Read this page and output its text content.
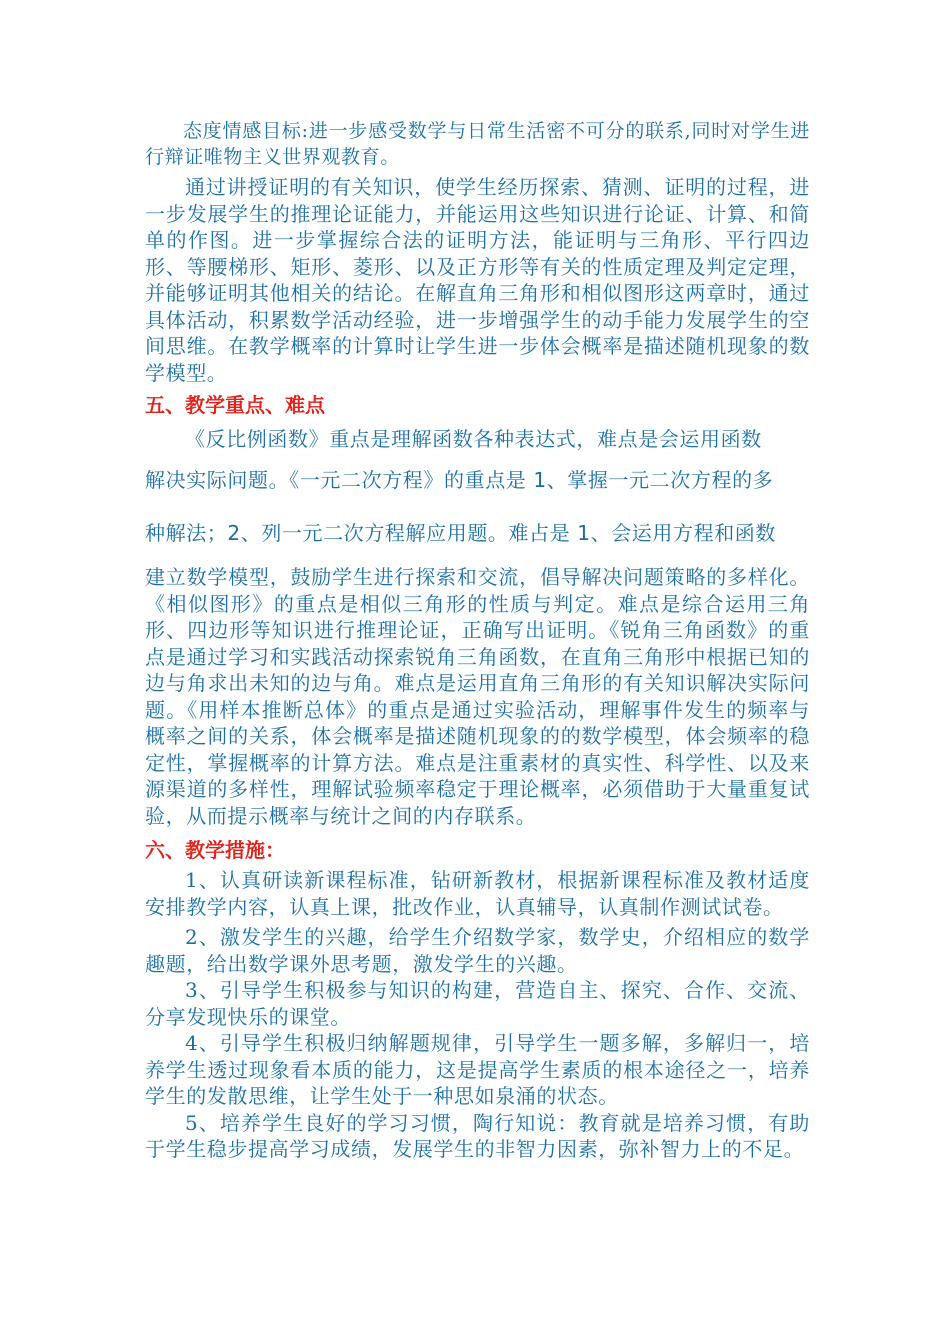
态度情感目标:进一步感受数学与日常生活密不可分的联系,同时对学生进行辩证唯物主义世界观教育。

通过讲授证明的有关知识，使学生经历探索、猜测、证明的过程，进一步发展学生的推理论证能力，并能运用这些知识进行论证、计算、和简单的作图。进一步掌握综合法的证明方法，能证明与三角形、平行四边形、等腰梯形、矩形、菱形、以及正方形等有关的性质定理及判定定理，并能够证明其他相关的结论。在解直角三角形和相似图形这两章时，通过具体活动，积累数学活动经验，进一步增强学生的动手能力发展学生的空间思维。在教学概率的计算时让学生进一步体会概率是描述随机现象的数学模型。

五、教学重点、难点

《反比例函数》重点是理解函数各种表达式，难点是会运用函数

解决实际问题。《一元二次方程》的重点是 1、掌握一元二次方程的多

种解法；2、列一元二次方程解应用题。难占是 1、会运用方程和函数

建立数学模型，鼓励学生进行探索和交流，倡导解决问题策略的多样化。《相似图形》的重点是相似三角形的性质与判定。难点是综合运用三角形、四边形等知识进行推理论证，正确写出证明。《锐角三角函数》的重点是通过学习和实践活动探索锐角三角函数，在直角三角形中根据已知的边与角求出未知的边与角。难点是运用直角三角形的有关知识解决实际问题。《用样本推断总体》的重点是通过实验活动，理解事件发生的频率与概率之间的关系，体会概率是描述随机现象的的数学模型，体会频率的稳定性，掌握概率的计算方法。难点是注重素材的真实性、科学性、以及来源渠道的多样性，理解试验频率稳定于理论概率，必须借助于大量重复试验，从而提示概率与统计之间的内存联系。

六、教学措施：

1、认真研读新课程标准，钻研新教材，根据新课程标准及教材适度安排教学内容，认真上课，批改作业，认真辅导，认真制作测试试卷。

2、激发学生的兴趣，给学生介绍数学家，数学史，介绍相应的数学趣题，给出数学课外思考题，激发学生的兴趣。

3、引导学生积极参与知识的构建，营造自主、探究、合作、交流、分享发现快乐的课堂。

4、引导学生积极归纳解题规律，引导学生一题多解，多解归一，培养学生透过现象看本质的能力，这是提高学生素质的根本途径之一，培养学生的发散思维，让学生处于一种思如泉涌的状态。

5、培养学生良好的学习习惯，陶行知说：教育就是培养习惯，有助于学生稳步提高学习成绩，发展学生的非智力因素，弥补智力上的不足。
